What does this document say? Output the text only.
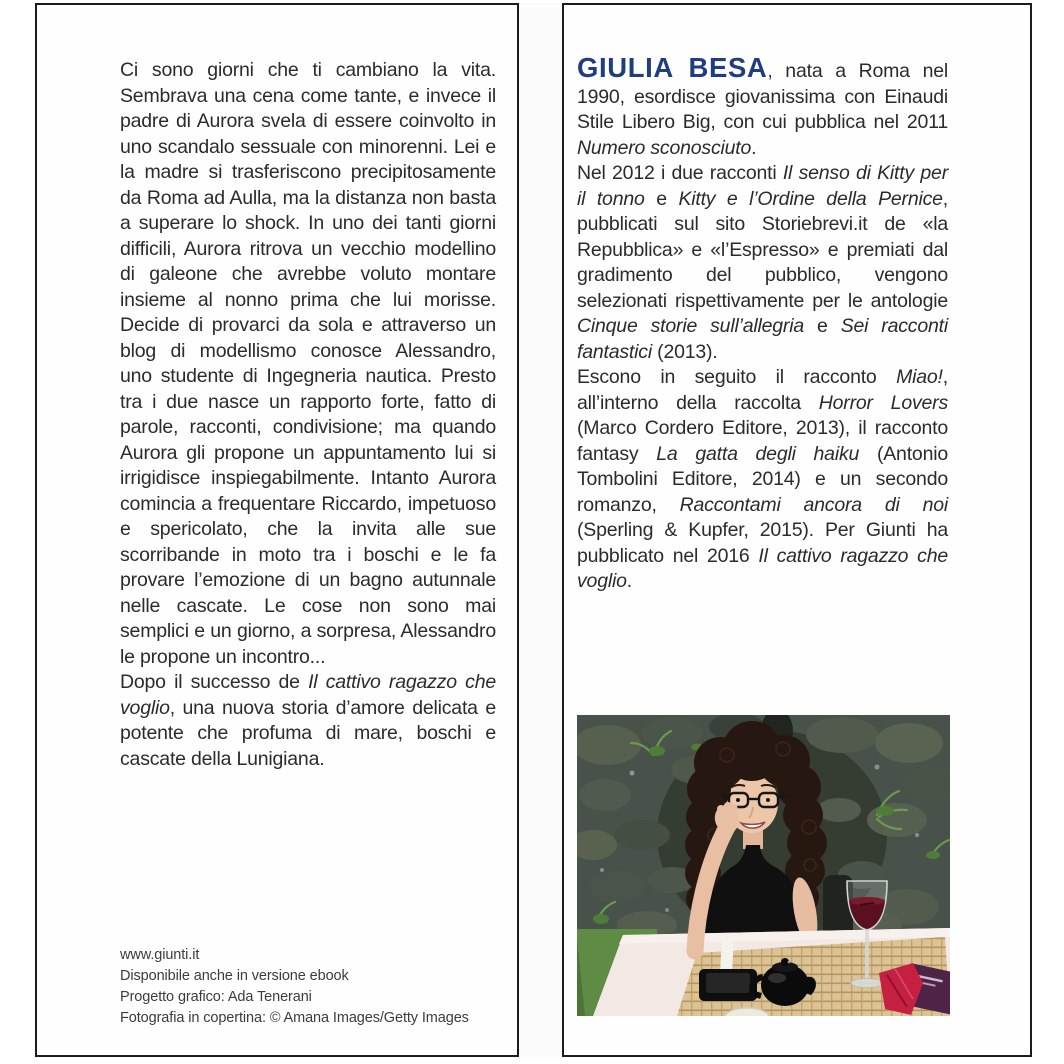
Ci sono giorni che ti cambiano la vita. Sembrava una cena come tante, e invece il padre di Aurora svela di essere coinvolto in uno scandalo sessuale con minorenni. Lei e la madre si trasferiscono precipitosamente da Roma ad Aulla, ma la distanza non basta a superare lo shock. In uno dei tanti giorni difficili, Aurora ritrova un vecchio modellino di galeone che avrebbe voluto montare insieme al nonno prima che lui morisse. Decide di provarci da sola e attraverso un blog di modellismo conosce Alessandro, uno studente di Ingegneria nautica. Presto tra i due nasce un rapporto forte, fatto di parole, racconti, condivisione; ma quando Aurora gli propone un appuntamento lui si irrigidisce inspiegabilmente. Intanto Aurora comincia a frequentare Riccardo, impetuoso e spericolato, che la invita alle sue scorribande in moto tra i boschi e le fa provare l’emozione di un bagno autunnale nelle cascate. Le cose non sono mai semplici e un giorno, a sorpresa, Alessandro le propone un incontro...

Dopo il successo de Il cattivo ragazzo che voglio, una nuova storia d’amore delicata e potente che profuma di mare, boschi e cascate della Lunigiana.

www.giunti.it
Disponibile anche in versione ebook
Progetto grafico: Ada Tenerani
Fotografia in copertina: © Amana Images/Getty Images

GIULIA BESA, nata a Roma nel 1990, esordisce giovanissima con Einaudi Stile Libero Big, con cui pubblica nel 2011 Numero sconosciuto.

Nel 2012 i due racconti Il senso di Kitty per il tonno e Kitty e l’Ordine della Pernice, pubblicati sul sito Storiebrevi.it de «la Repubblica» e «l’Espresso» e premiati dal gradimento del pubblico, vengono selezionati rispettivamente per le antologie Cinque storie sull’allegria e Sei racconti fantastici (2013).

Escono in seguito il racconto Miao!, all’interno della raccolta Horror Lovers (Marco Cordero Editore, 2013), il racconto fantasy La gatta degli haiku (Antonio Tombolini Editore, 2014) e un secondo romanzo, Raccontami ancora di noi (Sperling & Kupfer, 2015). Per Giunti ha pubblicato nel 2016 Il cattivo ragazzo che voglio.
